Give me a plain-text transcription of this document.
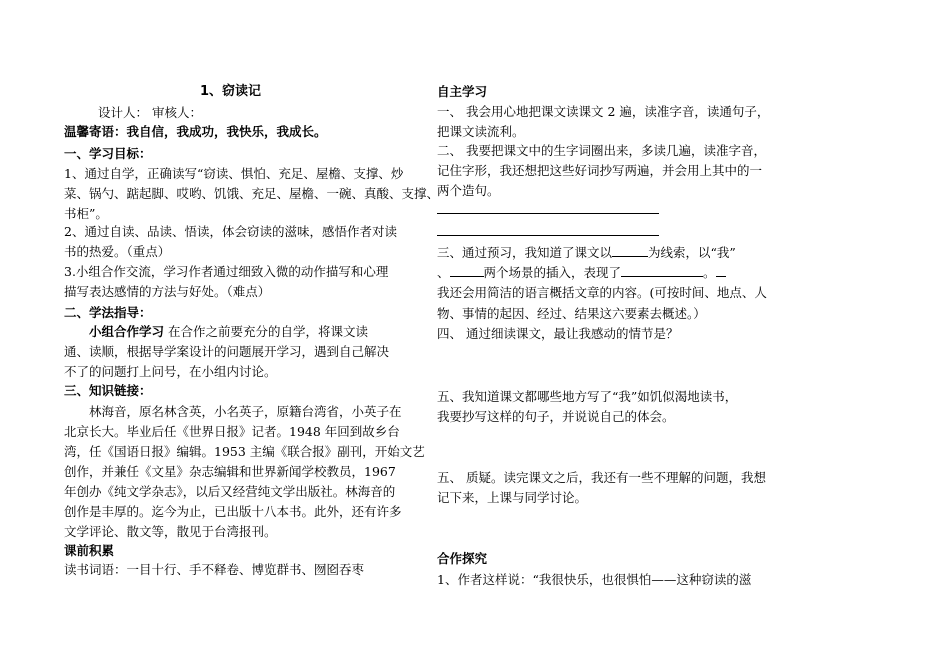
1、窃读记
设计人： 审核人：
温馨寄语：我自信，我成功，我快乐，我成长。
一、学习目标：
1、通过自学，正确读写“窃读、惧怕、充足、屋檐、支撑、炒
菜、锅勺、踮起脚、哎哟、饥饿、充足、屋檐、一碗、真酸、支撑、
书柜”。
2、通过自读、品读、悟读，体会窃读的滋味，感悟作者对读
书的热爱。（重点）
3.小组合作交流，学习作者通过细致入微的动作描写和心理
描写表达感情的方法与好处。（难点）
二、学法指导：
小组合作学习 在合作之前要充分的自学，将课文读
通、读顺，根据导学案设计的问题展开学习，遇到自己解决
不了的问题打上问号，在小组内讨论。
三、知识链接：
林海音，原名林含英，小名英子，原籍台湾省，小英子在
北京长大。毕业后任《世界日报》记者。1948 年回到故乡台
湾，任《国语日报》编辑。1953 主编《联合报》副刊，开始文艺
创作，并兼任《文星》杂志编辑和世界新闻学校教员，1967
年创办《纯文学杂志》，以后又经营纯文学出版社。林海音的
创作是丰厚的。迄今为止，已出版十八本书。此外，还有许多
文学评论、散文等，散见于台湾报刊。
课前积累
读书词语：一目十行、手不释卷、博览群书、囫囵吞枣
自主学习
一、 我会用心地把课文读课文 2 遍，读准字音，读通句子，
把课文读流利。
二、 我要把课文中的生字词圈出来，多读几遍，读准字音，
记住字形，我还想把这些好词抄写两遍，并会用上其中的一
两个造句。
三、通过预习，我知道了课文以	为线索，以“我”
、	两个场景的插入，表现了	。
我还会用简洁的语言概括文章的内容。(可按时间、地点、人
物、事情的起因、经过、结果这六要素去概述。）
四、 通过细读课文，最让我感动的情节是？
五、我知道课文都哪些地方写了“我”如饥似渴地读书，
我要抄写这样的句子，并说说自己的体会。
五、 质疑。读完课文之后，我还有一些不理解的问题，我想
记下来，上课与同学讨论。
合作探究
1、作者这样说：“我很快乐，也很惧怕——这种窃读的滋
